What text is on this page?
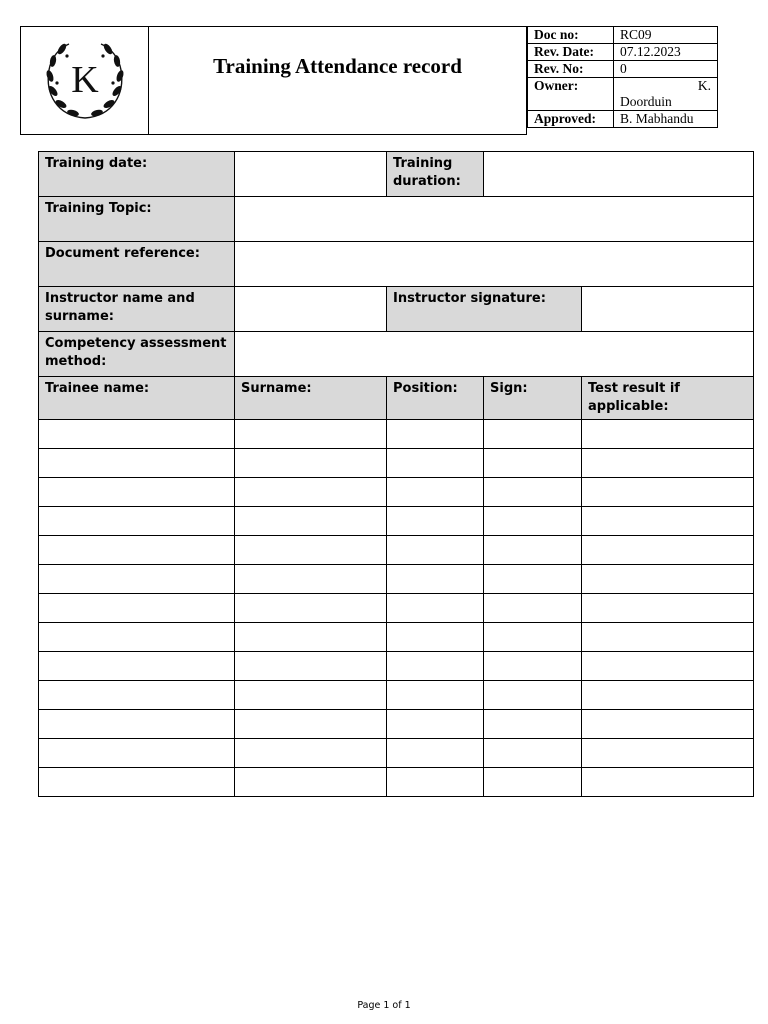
K	Training Attendance record
Doc no:	RC09
Rev. Date:	07.12.2023
Rev. No:	0
Owner:	K.
Doorduin

Approved:	B. Mabhandu
Training date:		Training duration:		
Training Topic:				
Document reference:				
Instructor name and surname:		Instructor signature:		
Competency assessment method:				
Trainee name:	Surname:	Position:	Sign:	Test result if applicable:

Page 1 of 1
